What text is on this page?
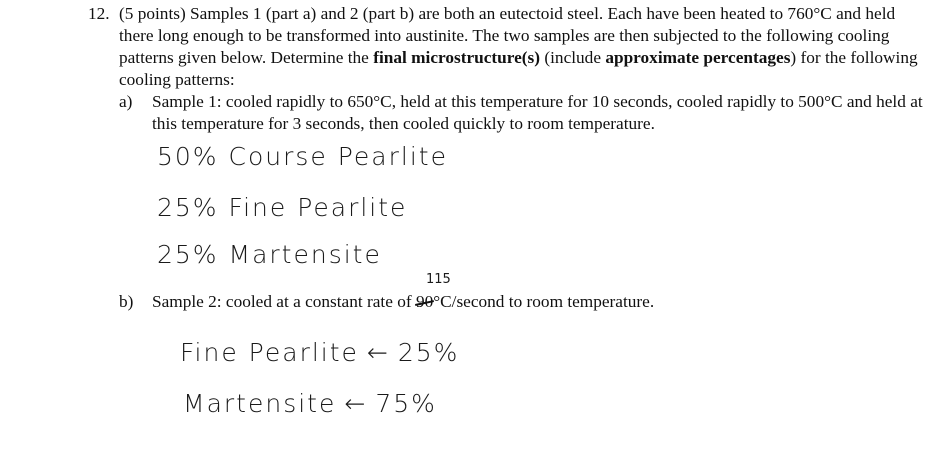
12. (5 points) Samples 1 (part a) and 2 (part b) are both an eutectoid steel. Each have been heated to 760°C and held there long enough to be transformed into austinite. The two samples are then subjected to the following cooling patterns given below. Determine the final microstructure(s) (include approximate percentages) for the following cooling patterns:
a)	Sample 1: cooled rapidly to 650°C, held at this temperature for 10 seconds, cooled rapidly to 500°C and held at this temperature for 3 seconds, then cooled quickly to room temperature.
50% Course Pearlite
25% Fine Pearlite
25% Martensite
115
b)	Sample 2: cooled at a constant rate of 90°C/second to room temperature.
Fine Pearlite ← 25%
Martensite ← 75%
